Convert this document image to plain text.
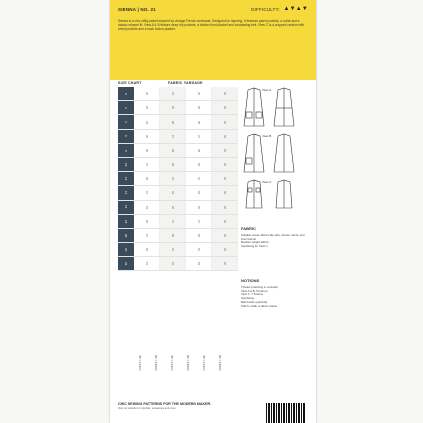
SIENNA | NO. 21	DIFFICULTY: ▲▼▲▼
Sienna is a chic utility jacket inspired by vintage French workwear. Designed for layering, it features patch pockets, a collar and a classic relaxed fit. View A & B feature deep hip pockets, a hidden front placket and contrasting belt. View C is a cropped version with chest pockets and a back button placket.
SIZE CHART	FABRIC YARDAGE
0	32	24	34	45
2	33	25	35	45
4	34	26	36	45
6	35	27	37	45
8	36	28	38	45
10	37	29	39	45
12	39	31	41	45
14	41	33	43	45
16	43	35	45	45
18	45	37	47	45
20	47	39	49	45
22	49	41	51	45
24	51	43	53	45
45" / 114cm	60" / 150cm	45" / 114cm	60" / 150cm	45" / 114cm	60" / 150cm
View A
View B
View C
FABRIC
Suitable woven fabrics like twill, canvas, denim and linen blends
Medium weight fabrics
Interfacing for View C
NOTIONS
Thread (matching or contrast)
View A & B: 5 buttons
View C: 7 buttons
Interfacing
Belt buckle (optional)
Tailor's chalk or fabric marker
CHIC SEWING PATTERNS FOR THE MODERN MAKER.
Visit our website for tutorials, sewalongs and more
